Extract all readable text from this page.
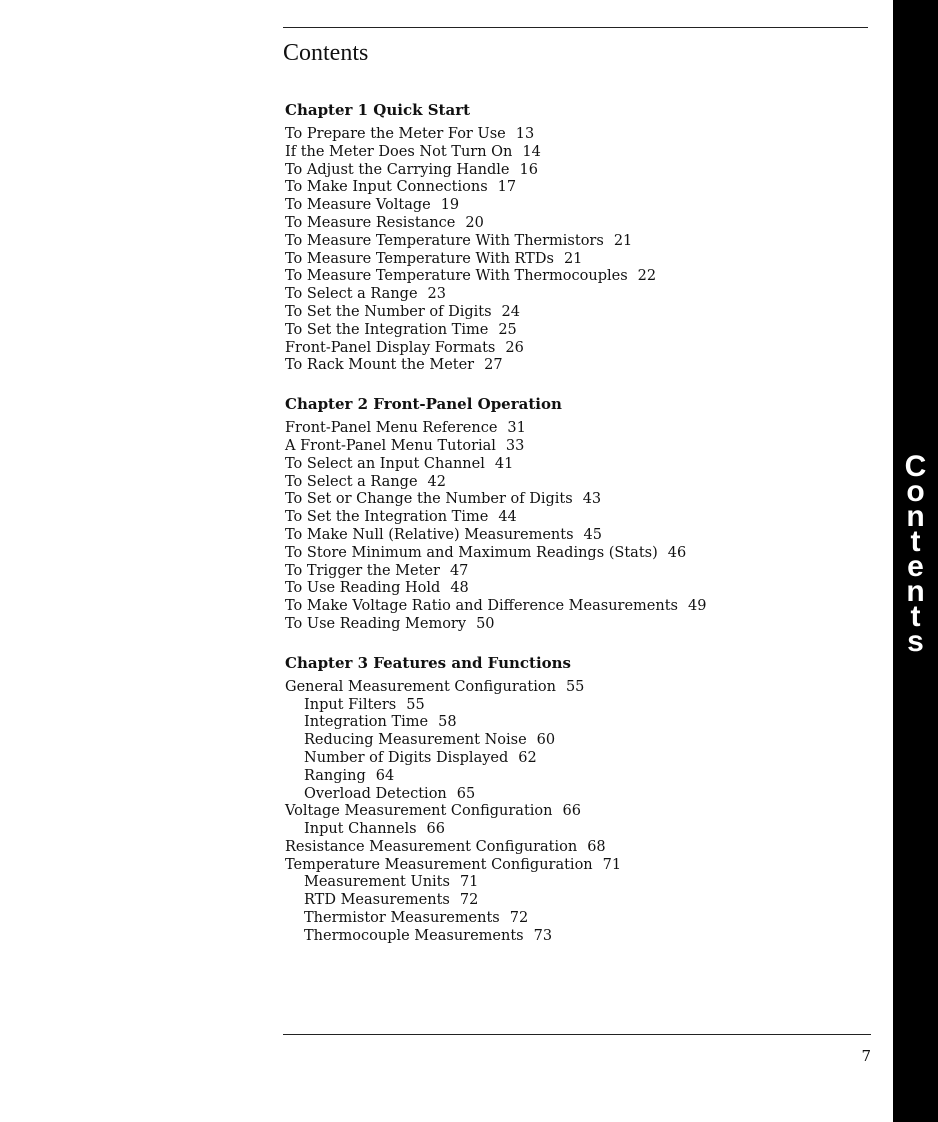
Contents
Chapter 1 Quick Start
To Prepare the Meter For Use 13
If the Meter Does Not Turn On 14
To Adjust the Carrying Handle 16
To Make Input Connections 17
To Measure Voltage 19
To Measure Resistance 20
To Measure Temperature With Thermistors 21
To Measure Temperature With RTDs 21
To Measure Temperature With Thermocouples 22
To Select a Range 23
To Set the Number of Digits 24
To Set the Integration Time 25
Front-Panel Display Formats 26
To Rack Mount the Meter 27
Chapter 2 Front-Panel Operation
Front-Panel Menu Reference 31
A Front-Panel Menu Tutorial 33
To Select an Input Channel 41
To Select a Range 42
To Set or Change the Number of Digits 43
To Set the Integration Time 44
To Make Null (Relative) Measurements 45
To Store Minimum and Maximum Readings (Stats) 46
To Trigger the Meter 47
To Use Reading Hold 48
To Make Voltage Ratio and Difference Measurements 49
To Use Reading Memory 50
Chapter 3 Features and Functions
General Measurement Configuration 55
Input Filters 55
Integration Time 58
Reducing Measurement Noise 60
Number of Digits Displayed 62
Ranging 64
Overload Detection 65
Voltage Measurement Configuration 66
Input Channels 66
Resistance Measurement Configuration 68
Temperature Measurement Configuration 71
Measurement Units 71
RTD Measurements 72
Thermistor Measurements 72
Thermocouple Measurements 73
C
o
n
t
e
n
t
s
7
